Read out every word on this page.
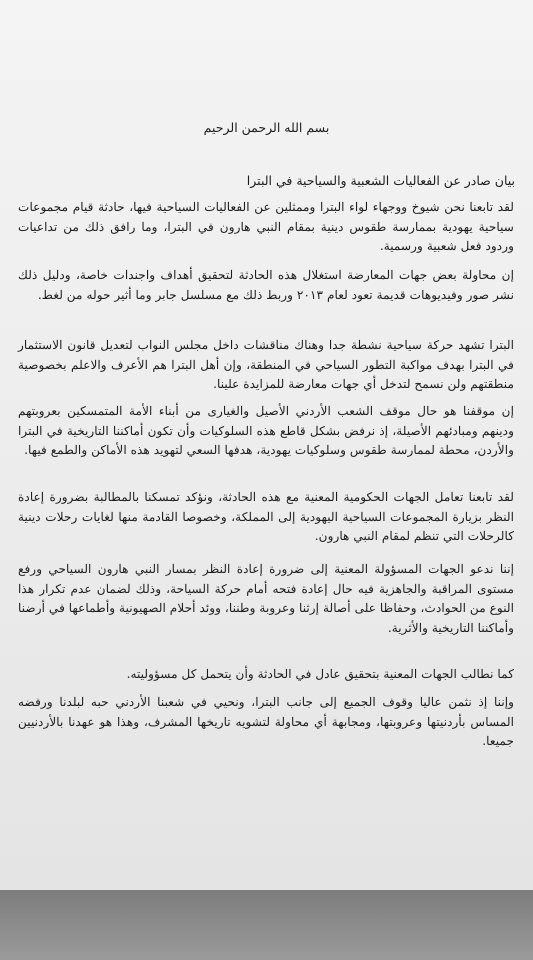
بسم الله الرحمن الرحيم
بيان صادر عن الفعاليات الشعبية والسياحية في البترا

لقد تابعنا نحن شيوخ ووجهاء لواء البترا وممثلين عن الفعاليات السياحية فيها، حادثة قيام مجموعات سياحية يهودية بممارسة طقوس دينية بمقام النبي هارون في البترا، وما رافق ذلك من تداعيات وردود فعل شعبية ورسمية.

إن محاولة بعض جهات المعارضة استغلال هذه الحادثة لتحقيق أهداف واجندات خاصة، ودليل ذلك نشر صور وفيديوهات قديمة تعود لعام ٢٠١٣ وربط ذلك مع مسلسل جابر وما أثير حوله من لغط.

البترا تشهد حركة سياحية نشطة جدا وهناك مناقشات داخل مجلس النواب لتعديل قانون الاستثمار في البترا بهدف مواكبة التطور السياحي في المنطقة، وإن أهل البترا هم الأعرف والاعلم بخصوصية منطقتهم ولن نسمح لتدخل أي جهات معارضة للمزايدة علينا.

إن موقفنا هو حال موقف الشعب الأردني الأصيل والغيارى من أبناء الأمة المتمسكين بعروبتهم ودينهم ومبادئهم الأصيلة، إذ نرفض بشكل قاطع هذه السلوكيات وأن تكون أماكننا التاريخية في البترا والأردن، محطة لممارسة طقوس وسلوكيات يهودية، هدفها السعي لتهويد هذه الأماكن والطمع فيها.

لقد تابعنا تعامل الجهات الحكومية المعنية مع هذه الحادثة، ونؤكد تمسكنا بالمطالبة بضرورة إعادة النظر بزيارة المجموعات السياحية اليهودية إلى المملكة، وخصوصا القادمة منها لغايات رحلات دينية كالرحلات التي تنظم لمقام النبي هارون.

إننا ندعو الجهات المسؤولة المعنية إلى ضرورة إعادة النظر بمسار النبي هارون السياحي ورفع مستوى المراقبة والجاهزية فيه حال إعادة فتحه أمام حركة السياحة، وذلك لضمان عدم تكرار هذا النوع من الحوادث، وحفاظا على أصالة إرثنا وعروبة وطننا، ووئد أحلام الصهيونية وأطماعها في أرضنا وأماكننا التاريخية والأثرية.

كما نطالب الجهات المعنية بتحقيق عادل في الحادثة وأن يتحمل كل مسؤوليته.

وإننا إذ نثمن عاليا وقوف الجميع إلى جانب البترا، ونحيي في شعبنا الأردني حبه لبلدنا ورفضه المساس بأردنيتها وعروبتها، ومجابهة أي محاولة لتشويه تاريخها المشرف، وهذا هو عهدنا بالأردنيين جميعا.
